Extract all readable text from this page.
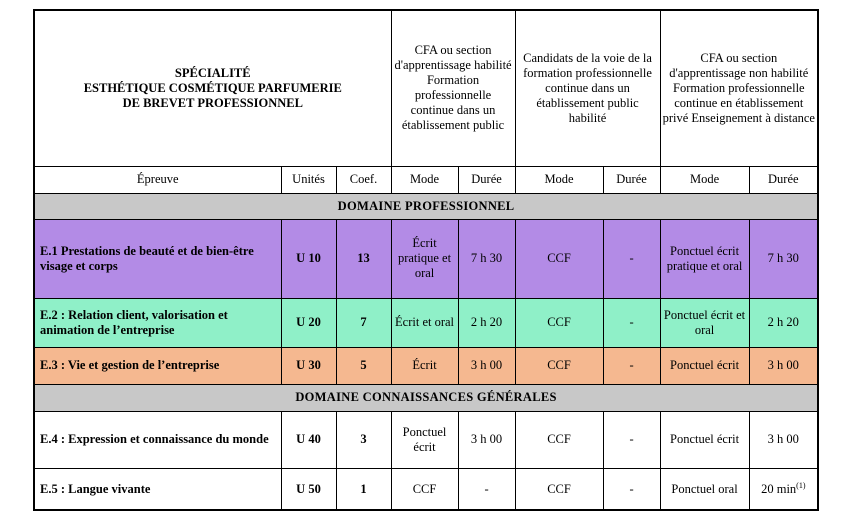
SPÉCIALITÉ
ESTHÉTIQUE COSMÉTIQUE PARFUMERIE
DE BREVET PROFESSIONNEL			CFA ou section d'apprentissage habilité Formation professionnelle continue dans un établissement public		Candidats de la voie de la formation professionnelle continue dans un établissement public habilité		CFA ou section d'apprentissage non habilité Formation professionnelle continue en établissement privé Enseignement à distance	
Épreuve	Unités	Coef.	Mode	Durée	Mode	Durée	Mode	Durée
DOMAINE PROFESSIONNEL								
E.1 Prestations de beauté et de bien-être visage et corps	U 10	13	Écrit pratique et oral	7 h 30	CCF	-	Ponctuel écrit pratique et oral	7 h 30
E.2 : Relation client, valorisation et animation de l’entreprise	U 20	7	Écrit et oral	2 h 20	CCF	-	Ponctuel écrit et oral	2 h 20
E.3 : Vie et gestion de l’entreprise	U 30	5	Écrit	3 h 00	CCF	-	Ponctuel écrit	3 h 00
DOMAINE CONNAISSANCES GÉNÉRALES								
E.4 : Expression et connaissance du monde	U 40	3	Ponctuel écrit	3 h 00	CCF	-	Ponctuel écrit	3 h 00
E.5 : Langue vivante	U 50	1	CCF	-	CCF	-	Ponctuel oral	20 $\min^{(1)}$
